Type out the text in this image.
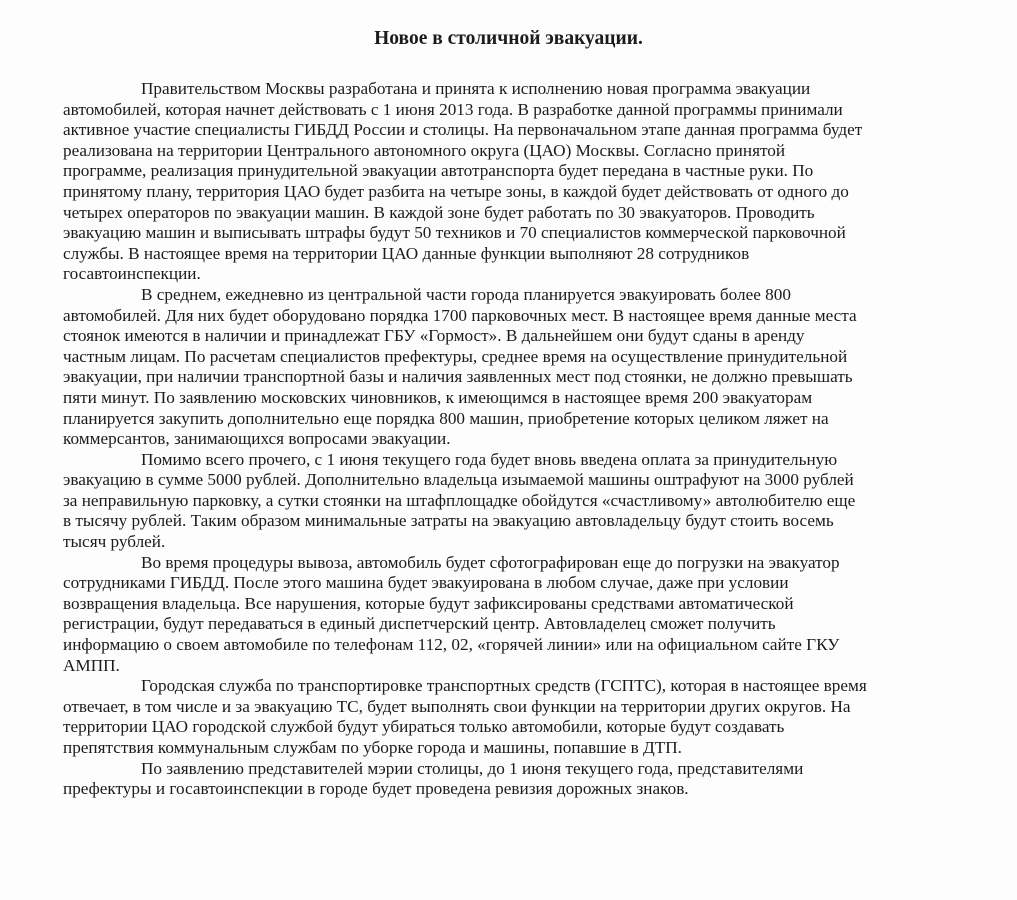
Новое в столичной эвакуации.
Правительством Москвы разработана и принята к исполнению новая программа эвакуации
автомобилей, которая начнет действовать с 1 июня 2013 года. В разработке данной программы принимали
активное участие специалисты ГИБДД России и столицы. На первоначальном этапе данная программа будет
реализована на территории Центрального автономного округа (ЦАО) Москвы. Согласно принятой
программе, реализация принудительной эвакуации автотранспорта будет передана в частные руки. По
принятому плану, территория ЦАО будет разбита на четыре зоны, в каждой будет действовать от одного до
четырех операторов по эвакуации машин. В каждой зоне будет работать по 30 эвакуаторов. Проводить
эвакуацию машин и выписывать штрафы будут 50 техников и 70 специалистов коммерческой парковочной
службы. В настоящее время на территории ЦАО данные функции выполняют 28 сотрудников
госавтоинспекции.
В среднем, ежедневно из центральной части города планируется эвакуировать более 800
автомобилей. Для них будет оборудовано порядка 1700 парковочных мест. В настоящее время данные места
стоянок имеются в наличии и принадлежат ГБУ «Гормост». В дальнейшем они будут сданы в аренду
частным лицам. По расчетам специалистов префектуры, среднее время на осуществление принудительной
эвакуации, при наличии транспортной базы и наличия заявленных мест под стоянки, не должно превышать
пяти минут. По заявлению московских чиновников, к имеющимся в настоящее время 200 эвакуаторам
планируется закупить дополнительно еще порядка 800 машин, приобретение которых целиком ляжет на
коммерсантов, занимающихся вопросами эвакуации.
Помимо всего прочего, с 1 июня текущего года будет вновь введена оплата за принудительную
эвакуацию в сумме 5000 рублей. Дополнительно владельца изымаемой машины оштрафуют на 3000 рублей
за неправильную парковку, а сутки стоянки на штафплощадке обойдутся «счастливому» автолюбителю еще
в тысячу рублей. Таким образом минимальные затраты на эвакуацию автовладельцу будут стоить восемь
тысяч рублей.
Во время процедуры вывоза, автомобиль будет сфотографирован еще до погрузки на эвакуатор
сотрудниками ГИБДД. После этого машина будет эвакуирована в любом случае, даже при условии
возвращения владельца. Все нарушения, которые будут зафиксированы средствами автоматической
регистрации, будут передаваться в единый диспетчерский центр. Автовладелец сможет получить
информацию о своем автомобиле по телефонам 112, 02, «горячей линии» или на официальном сайте ГКУ
АМПП.
Городская служба по транспортировке транспортных средств (ГСПТС), которая в настоящее время
отвечает, в том числе и за эвакуацию ТС, будет выполнять свои функции на территории других округов. На
территории ЦАО городской службой будут убираться только автомобили, которые будут создавать
препятствия коммунальным службам по уборке города и машины, попавшие в ДТП.
По заявлению представителей мэрии столицы, до 1 июня текущего года, представителями
префектуры и госавтоинспекции в городе будет проведена ревизия дорожных знаков.
